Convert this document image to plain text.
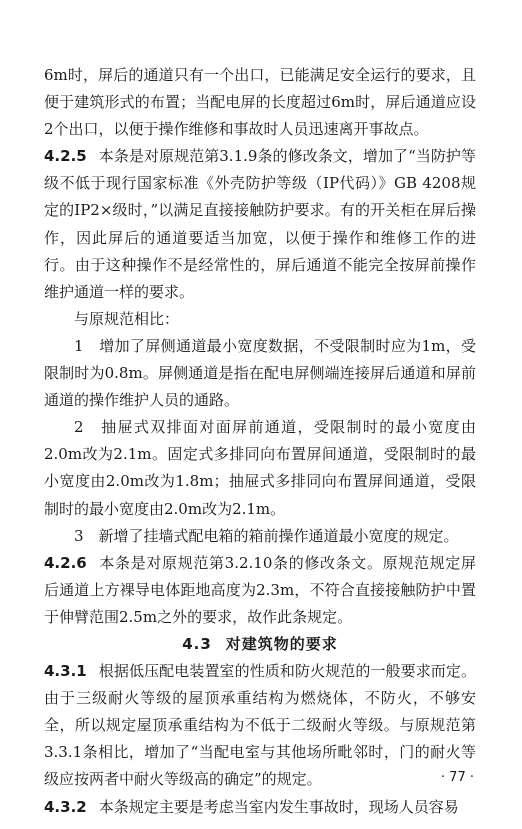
6m时，屏后的通道只有一个出口，已能满足安全运行的要求，且便于建筑形式的布置；当配电屏的长度超过6m时，屏后通道应设2个出口，以便于操作维修和事故时人员迅速离开事故点。

4.2.5 本条是对原规范第3.1.9条的修改条文，增加了“当防护等级不低于现行国家标准《外壳防护等级（IP代码）》GB 4208规定的IP2×级时，”以满足直接接触防护要求。有的开关柜在屏后操作，因此屏后的通道要适当加宽，以便于操作和维修工作的进行。由于这种操作不是经常性的，屏后通道不能完全按屏前操作维护通道一样的要求。

与原规范相比：

1　增加了屏侧通道最小宽度数据，不受限制时应为1m，受限制时为0.8m。屏侧通道是指在配电屏侧端连接屏后通道和屏前通道的操作维护人员的通路。

2　抽屉式双排面对面屏前通道，受限制时的最小宽度由2.0m改为2.1m。固定式多排同向布置屏间通道，受限制时的最小宽度由2.0m改为1.8m；抽屉式多排同向布置屏间通道，受限制时的最小宽度由2.0m改为2.1m。

3　新增了挂墙式配电箱的箱前操作通道最小宽度的规定。

4.2.6 本条是对原规范第3.2.10条的修改条文。原规范规定屏后通道上方裸导电体距地高度为2.3m，不符合直接接触防护中置于伸臂范围2.5m之外的要求，故作此条规定。

4.3 对建筑物的要求

4.3.1 根据低压配电装置室的性质和防火规范的一般要求而定。由于三级耐火等级的屋顶承重结构为燃烧体，不防火，不够安全，所以规定屋顶承重结构为不低于二级耐火等级。与原规范第3.3.1条相比，增加了“当配电室与其他场所毗邻时，门的耐火等级应按两者中耐火等级高的确定”的规定。

4.3.2 本条规定主要是考虑当室内发生事故时，现场人员容易

· 77 ·
